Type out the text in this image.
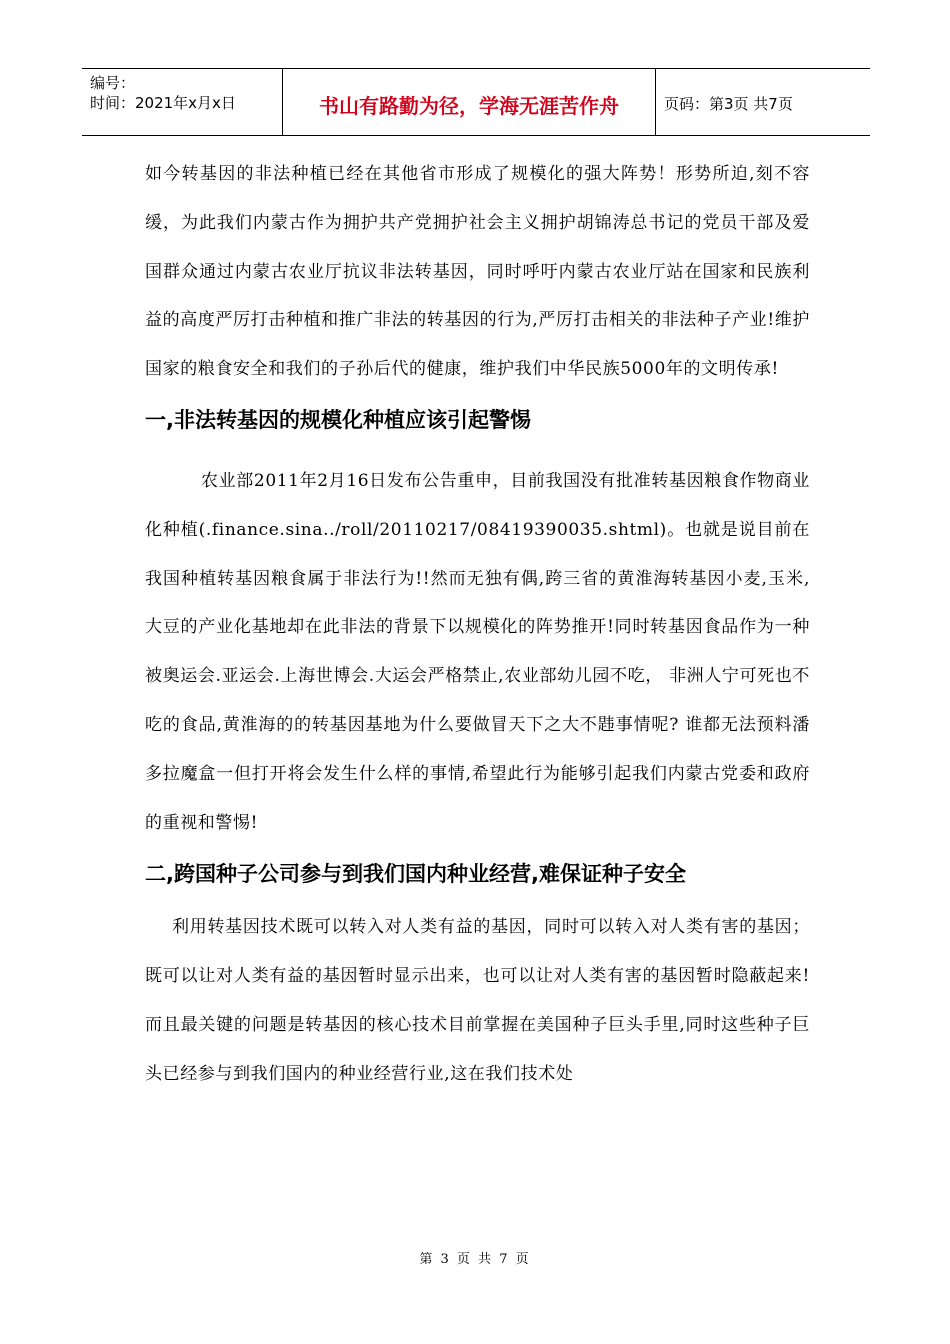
编号：
时间：2021年x月x日	书山有路勤为径，学海无涯苦作舟	页码：第3页 共7页

如今转基因的非法种植已经在其他省市形成了规模化的强大阵势！形势所迫,刻不容缓，为此我们内蒙古作为拥护共产党拥护社会主义拥护胡锦涛总书记的党员干部及爱国群众通过内蒙古农业厅抗议非法转基因，同时呼吁内蒙古农业厅站在国家和民族利益的高度严厉打击种植和推广非法的转基因的行为,严厉打击相关的非法种子产业!维护国家的粮食安全和我们的子孙后代的健康，维护我们中华民族5000年的文明传承!

一,非法转基因的规模化种植应该引起警惕

农业部2011年2月16日发布公告重申，目前我国没有批准转基因粮食作物商业化种植(.finance.sina../roll/20110217/08419390035.shtml)。也就是说目前在我国种植转基因粮食属于非法行为!!然而无独有偶,跨三省的黄淮海转基因小麦,玉米,大豆的产业化基地却在此非法的背景下以规模化的阵势推开!同时转基因食品作为一种被奥运会.亚运会.上海世博会.大运会严格禁止,农业部幼儿园不吃， 非洲人宁可死也不吃的食品,黄淮海的的转基因基地为什么要做冒天下之大不韪事情呢? 谁都无法预料潘多拉魔盒一但打开将会发生什么样的事情,希望此行为能够引起我们内蒙古党委和政府的重视和警惕!

二,跨国种子公司参与到我们国内种业经营,难保证种子安全

利用转基因技术既可以转入对人类有益的基因，同时可以转入对人类有害的基因；既可以让对人类有益的基因暂时显示出来，也可以让对人类有害的基因暂时隐蔽起来!而且最关键的问题是转基因的核心技术目前掌握在美国种子巨头手里,同时这些种子巨头已经参与到我们国内的种业经营行业,这在我们技术处

第 3 页 共 7 页
